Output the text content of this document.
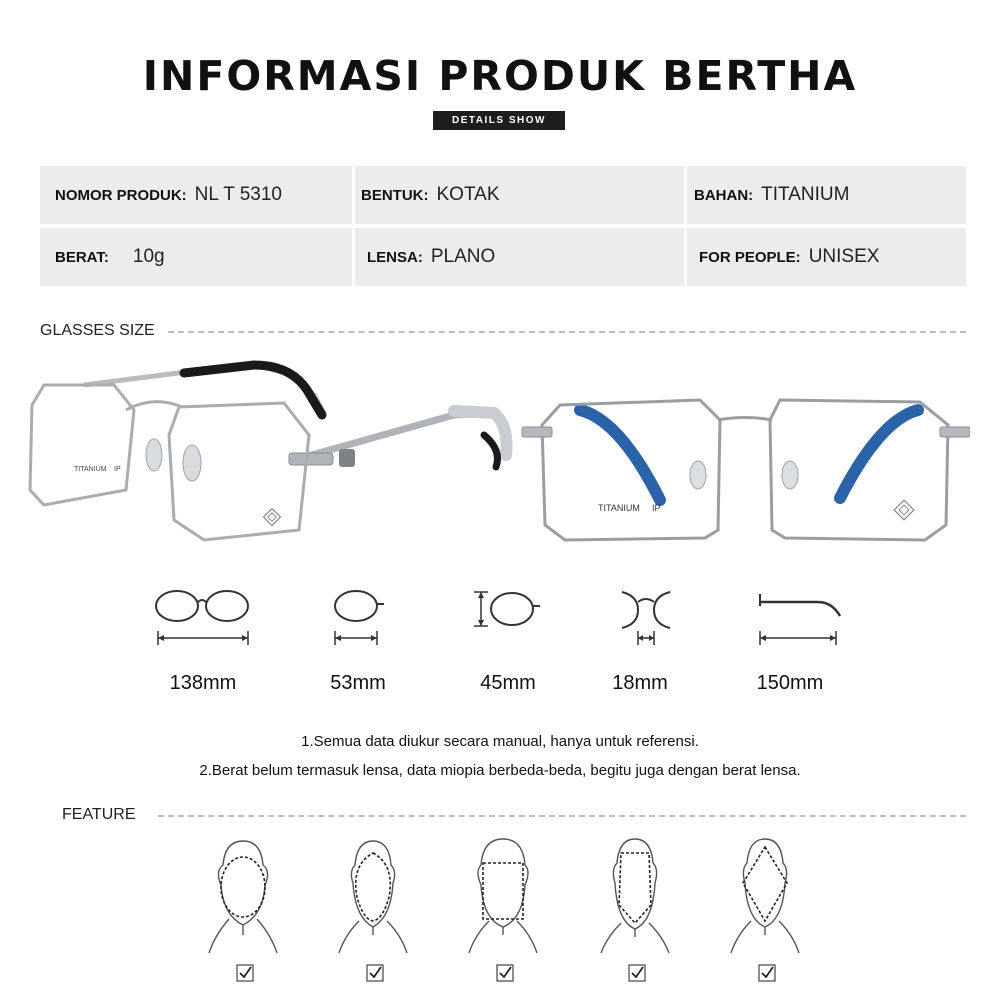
INFORMASI PRODUK BERTHA
DETAILS SHOW
NOMOR PRODUK: NL T 5310	BENTUK: KOTAK	BAHAN: TITANIUM
BERAT: 10g	LENSA: PLANO	FOR PEOPLE: UNISEX
GLASSES SIZE
TITANIUM IP
TITANIUM IP
138mm	53mm	45mm	18mm	150mm
1.Semua data diukur secara manual, hanya untuk referensi.
2.Berat belum termasuk lensa, data miopia berbeda-beda, begitu juga dengan berat lensa.
FEATURE
